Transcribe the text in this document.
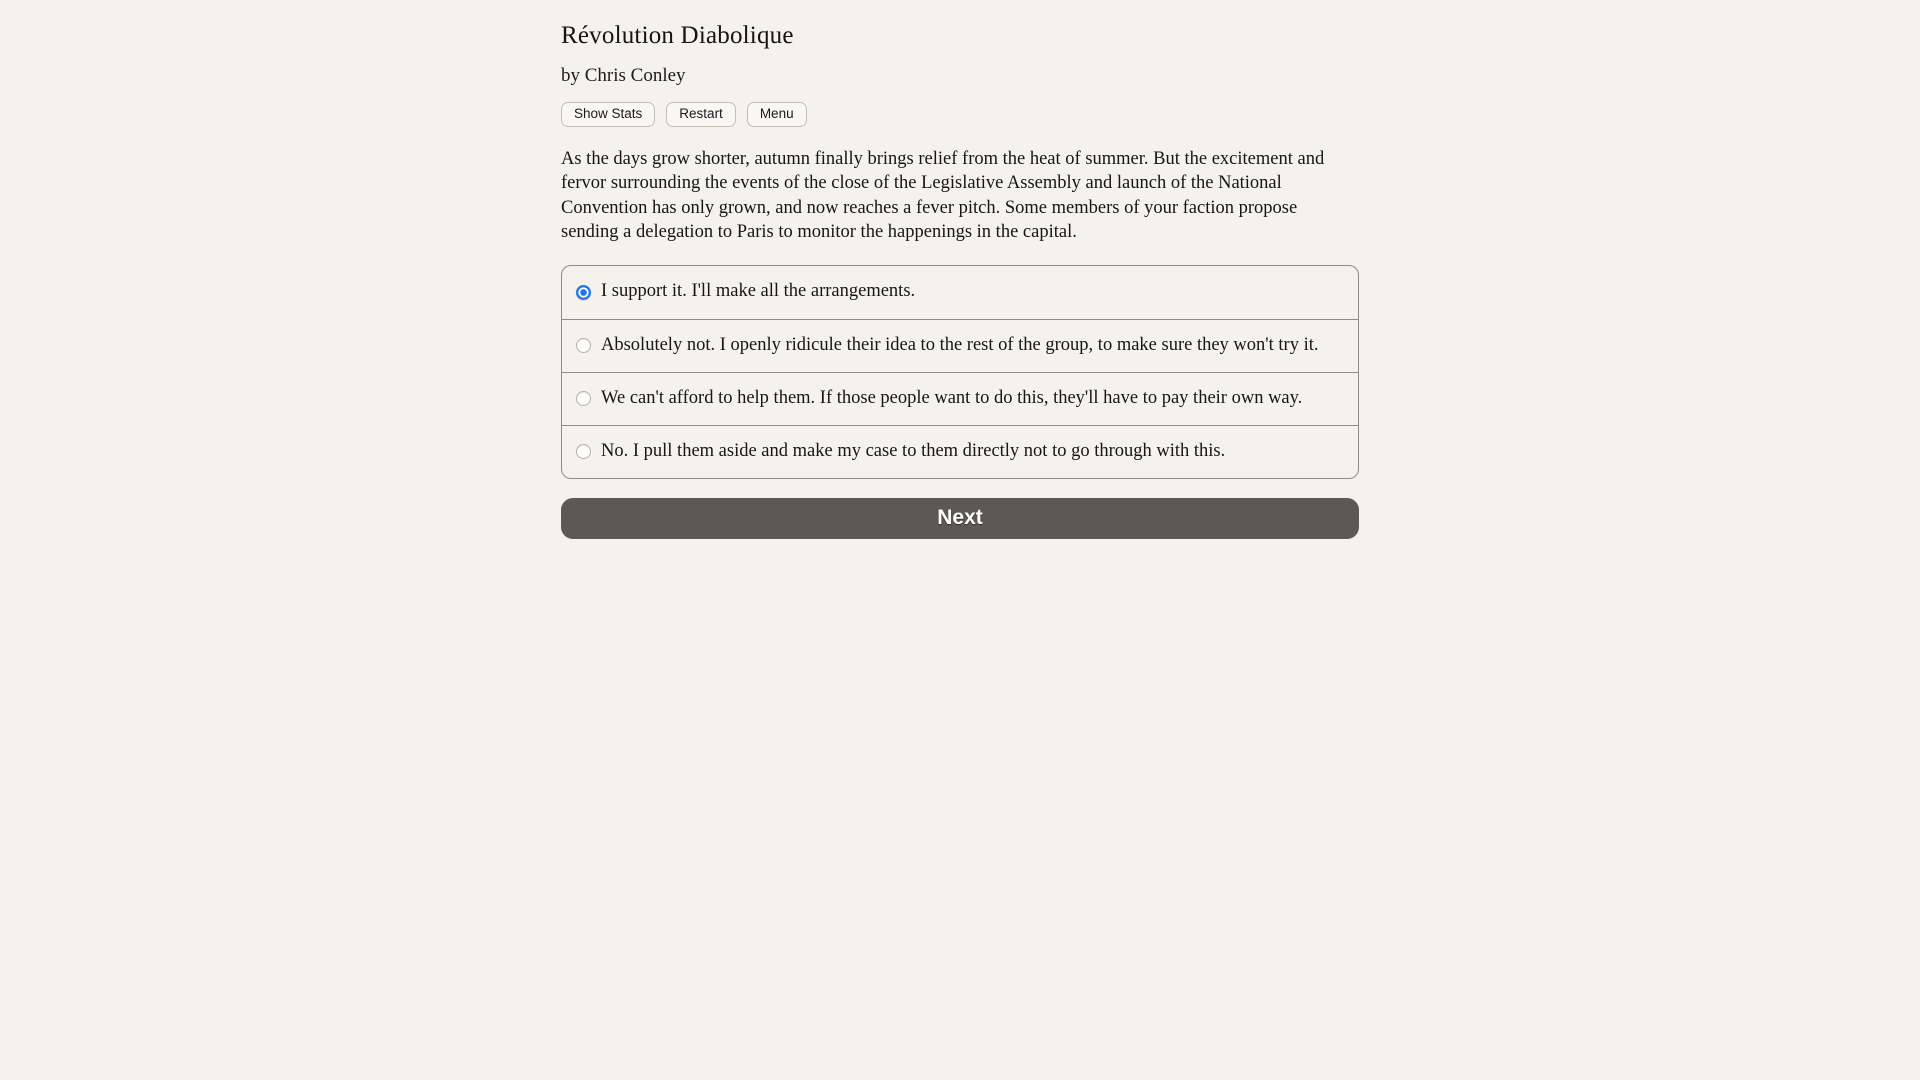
Révolution Diabolique
by Chris Conley
Show Stats	Restart	Menu

As the days grow shorter, autumn finally brings relief from the heat of summer. But the excitement and fervor surrounding the events of the close of the Legislative Assembly and launch of the National Convention has only grown, and now reaches a fever pitch. Some members of your faction propose sending a delegation to Paris to monitor the happenings in the capital.

I support it. I'll make all the arrangements.
Absolutely not. I openly ridicule their idea to the rest of the group, to make sure they won't try it.
We can't afford to help them. If those people want to do this, they'll have to pay their own way.
No. I pull them aside and make my case to them directly not to go through with this.
Next
